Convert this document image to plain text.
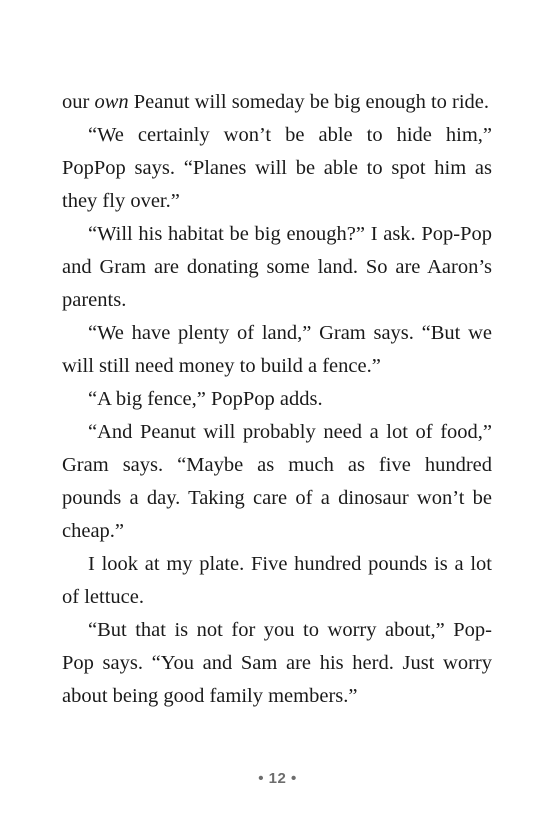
our own Peanut will someday be big enough to ride.

“We certainly won’t be able to hide him,” PopPop says. “Planes will be able to spot him as they fly over.”

“Will his habitat be big enough?” I ask. Pop-Pop and Gram are donating some land. So are Aaron’s parents.

“We have plenty of land,” Gram says. “But we will still need money to build a fence.”

“A big fence,” PopPop adds.

“And Peanut will probably need a lot of food,” Gram says. “Maybe as much as five hundred pounds a day. Taking care of a dinosaur won’t be cheap.”

I look at my plate. Five hundred pounds is a lot of lettuce.

“But that is not for you to worry about,” Pop-Pop says. “You and Sam are his herd. Just worry about being good family members.”

• 12 •
